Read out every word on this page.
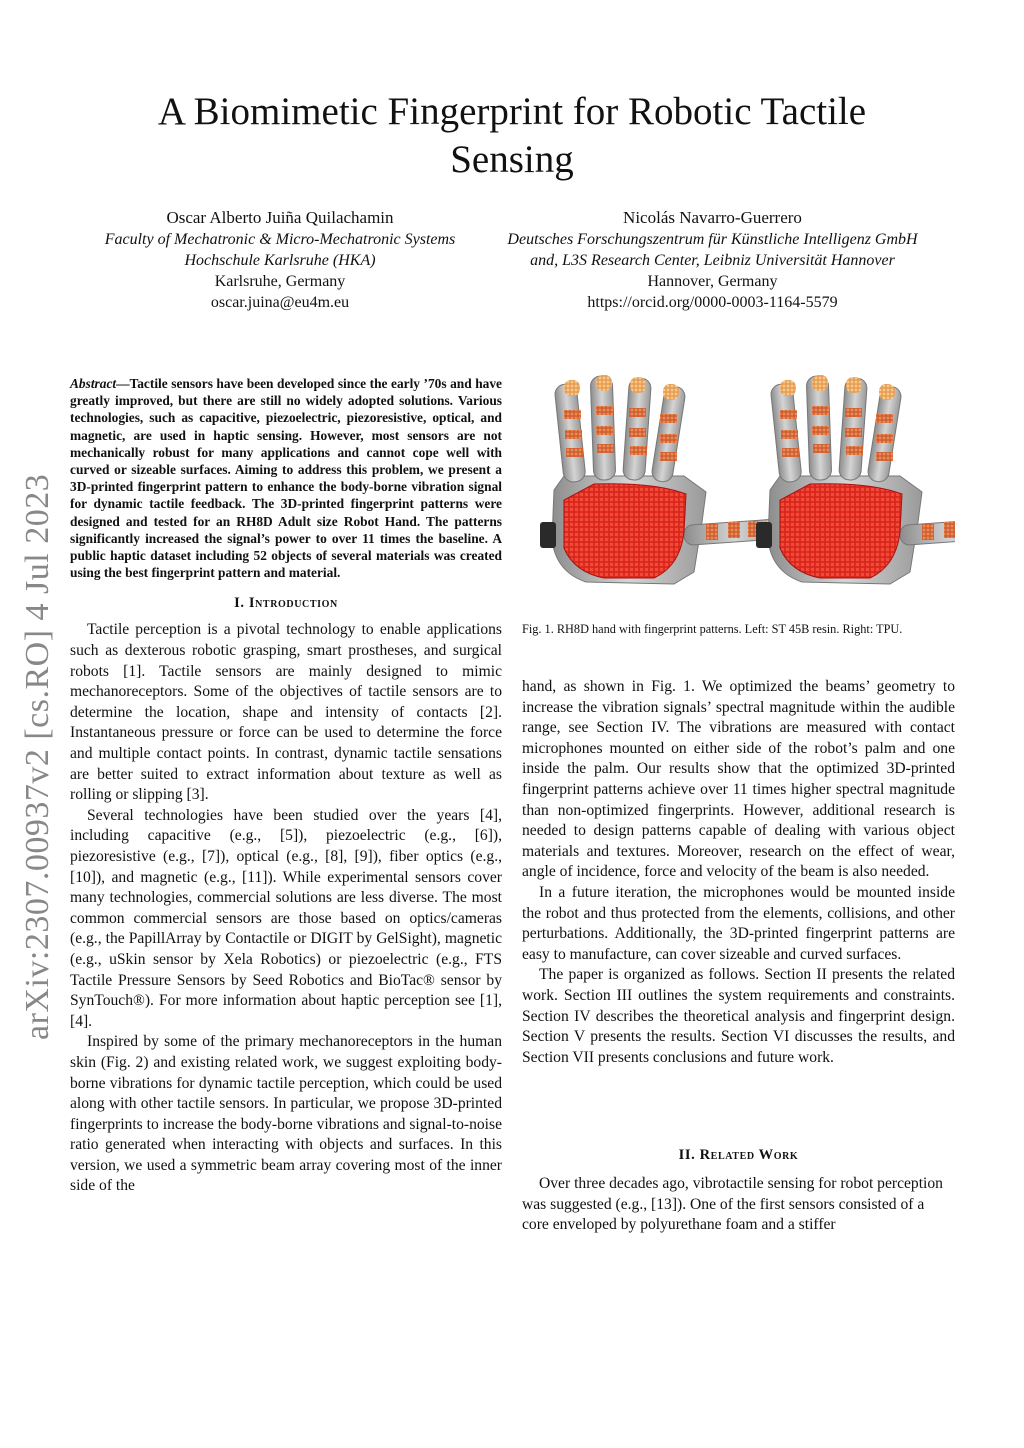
arXiv:2307.00937v2 [cs.RO] 4 Jul 2023
A Biomimetic Fingerprint for Robotic Tactile Sensing
Oscar Alberto Juiña Quilachamin
Faculty of Mechatronic & Micro-Mechatronic Systems
Hochschule Karlsruhe (HKA)
Karlsruhe, Germany
oscar.juina@eu4m.eu
Nicolás Navarro-Guerrero
Deutsches Forschungszentrum für Künstliche Intelligenz GmbH
and, L3S Research Center, Leibniz Universität Hannover
Hannover, Germany
https://orcid.org/0000-0003-1164-5579
Abstract—Tactile sensors have been developed since the early ’70s and have greatly improved, but there are still no widely adopted solutions. Various technologies, such as capacitive, piezoelectric, piezoresistive, optical, and magnetic, are used in haptic sensing. However, most sensors are not mechanically robust for many applications and cannot cope well with curved or sizeable surfaces. Aiming to address this problem, we present a 3D-printed fingerprint pattern to enhance the body-borne vibration signal for dynamic tactile feedback. The 3D-printed fingerprint patterns were designed and tested for an RH8D Adult size Robot Hand. The patterns significantly increased the signal’s power to over 11 times the baseline. A public haptic dataset including 52 objects of several materials was created using the best fingerprint pattern and material.
I. Introduction

Tactile perception is a pivotal technology to enable applications such as dexterous robotic grasping, smart prostheses, and surgical robots [1]. Tactile sensors are mainly designed to mimic mechanoreceptors. Some of the objectives of tactile sensors are to determine the location, shape and intensity of contacts [2]. Instantaneous pressure or force can be used to determine the force and multiple contact points. In contrast, dynamic tactile sensations are better suited to extract information about texture as well as rolling or slipping [3].

Several technologies have been studied over the years [4], including capacitive (e.g., [5]), piezoelectric (e.g., [6]), piezoresistive (e.g., [7]), optical (e.g., [8], [9]), fiber optics (e.g., [10]), and magnetic (e.g., [11]). While experimental sensors cover many technologies, commercial solutions are less diverse. The most common commercial sensors are those based on optics/cameras (e.g., the PapillArray by Contactile or DIGIT by GelSight), magnetic (e.g., uSkin sensor by Xela Robotics) or piezoelectric (e.g., FTS Tactile Pressure Sensors by Seed Robotics and BioTac® sensor by SynTouch®). For more information about haptic perception see [1], [4].

Inspired by some of the primary mechanoreceptors in the human skin (Fig. 2) and existing related work, we suggest exploiting body-borne vibrations for dynamic tactile perception, which could be used along with other tactile sensors. In particular, we propose 3D-printed fingerprints to increase the body-borne vibrations and signal-to-noise ratio generated when interacting with objects and surfaces. In this version, we used a symmetric beam array covering most of the inner side of the

Fig. 1. RH8D hand with fingerprint patterns. Left: ST 45B resin. Right: TPU.

hand, as shown in Fig. 1. We optimized the beams’ geometry to increase the vibration signals’ spectral magnitude within the audible range, see Section IV. The vibrations are measured with contact microphones mounted on either side of the robot’s palm and one inside the palm. Our results show that the optimized 3D-printed fingerprint patterns achieve over 11 times higher spectral magnitude than non-optimized fingerprints. However, additional research is needed to design patterns capable of dealing with various object materials and textures. Moreover, research on the effect of wear, angle of incidence, force and velocity of the beam is also needed.

In a future iteration, the microphones would be mounted inside the robot and thus protected from the elements, collisions, and other perturbations. Additionally, the 3D-printed fingerprint patterns are easy to manufacture, can cover sizeable and curved surfaces.

The paper is organized as follows. Section II presents the related work. Section III outlines the system requirements and constraints. Section IV describes the theoretical analysis and fingerprint design. Section V presents the results. Section VI discusses the results, and Section VII presents conclusions and future work.

II. Related Work

Over three decades ago, vibrotactile sensing for robot perception was suggested (e.g., [13]). One of the first sensors consisted of a core enveloped by polyurethane foam and a stiffer
